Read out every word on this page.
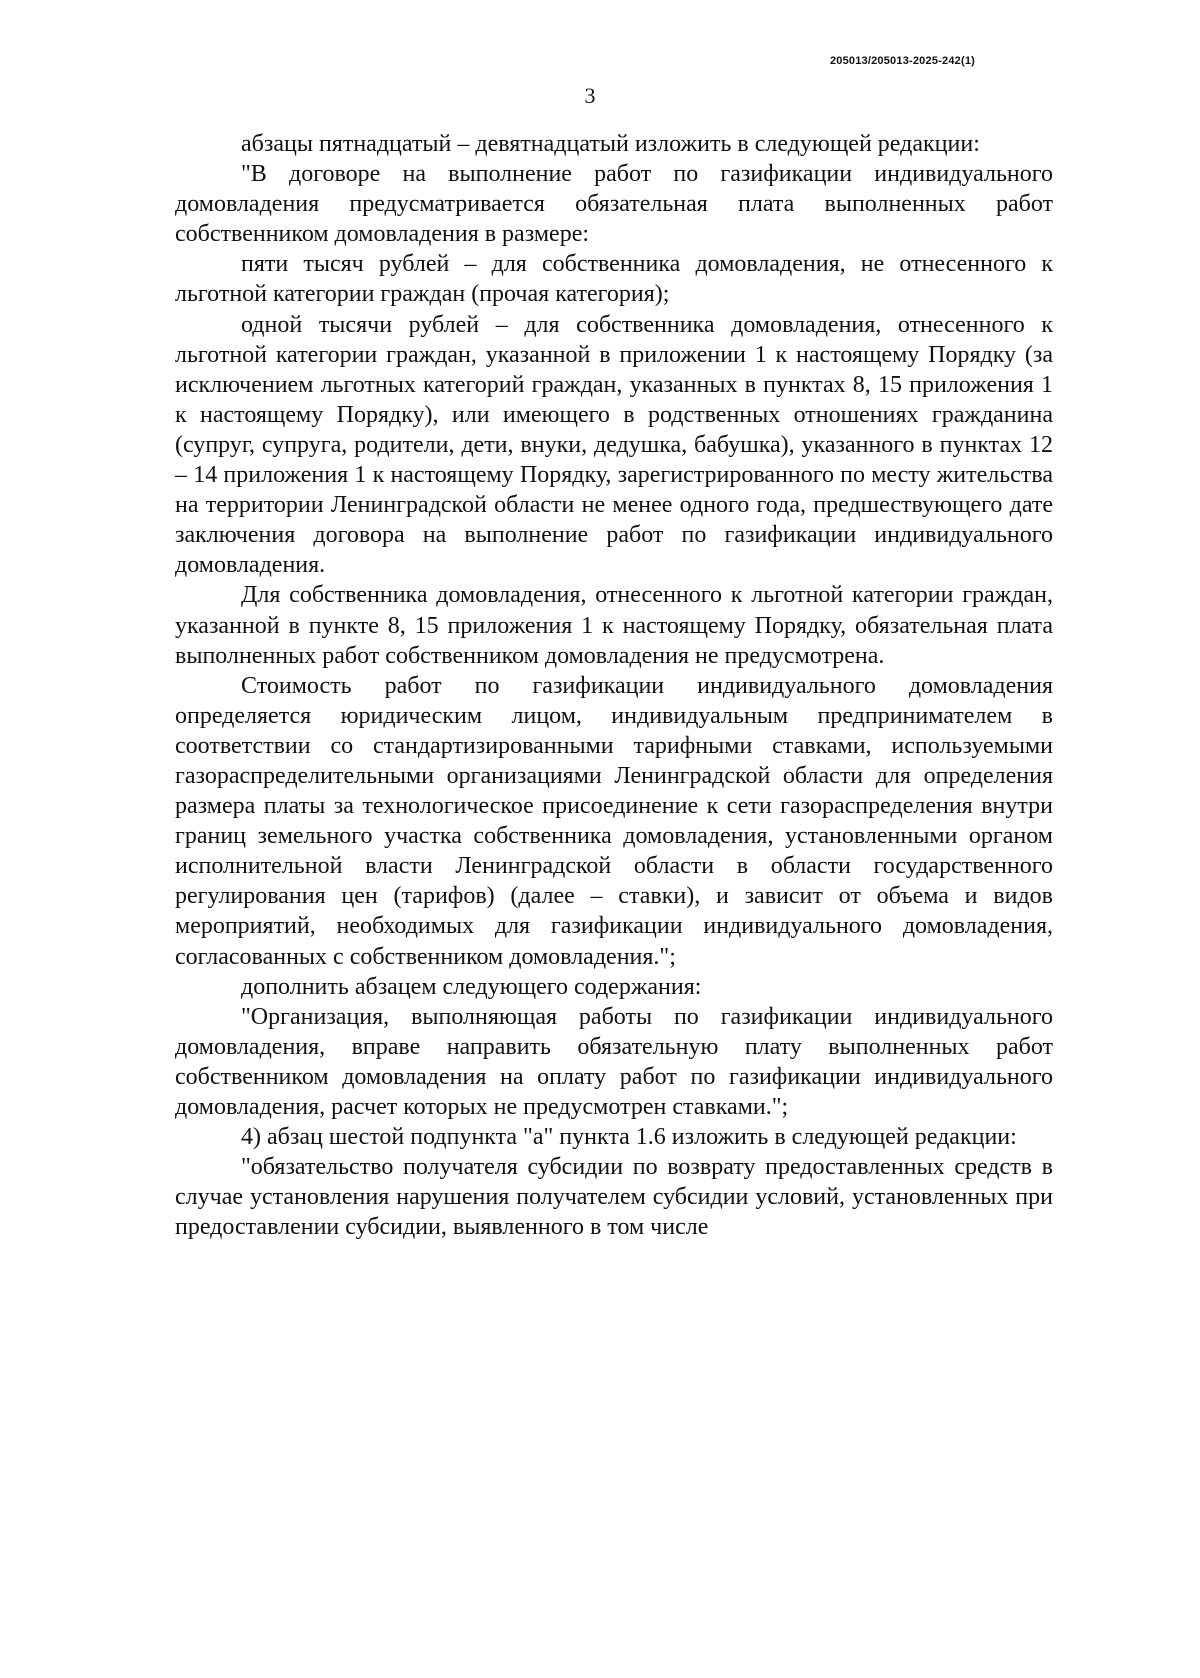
205013/205013-2025-242(1)
3

абзацы пятнадцатый – девятнадцатый изложить в следующей редакции:

"В договоре на выполнение работ по газификации индивидуального домовладения предусматривается обязательная плата выполненных работ собственником домовладения в размере:

пяти тысяч рублей – для собственника домовладения, не отнесенного к льготной категории граждан (прочая категория);

одной тысячи рублей – для собственника домовладения, отнесенного к льготной категории граждан, указанной в приложении 1 к настоящему Порядку (за исключением льготных категорий граждан, указанных в пунктах 8, 15 приложения 1 к настоящему Порядку), или имеющего в родственных отношениях гражданина (супруг, супруга, родители, дети, внуки, дедушка, бабушка), указанного в пунктах 12 – 14 приложения 1 к настоящему Порядку, зарегистрированного по месту жительства на территории Ленинградской области не менее одного года, предшествующего дате заключения договора на выполнение работ по газификации индивидуального домовладения.

Для собственника домовладения, отнесенного к льготной категории граждан, указанной в пункте 8, 15 приложения 1 к настоящему Порядку, обязательная плата выполненных работ собственником домовладения не предусмотрена.

Стоимость работ по газификации индивидуального домовладения определяется юридическим лицом, индивидуальным предпринимателем в соответствии со стандартизированными тарифными ставками, используемыми газораспределительными организациями Ленинградской области для определения размера платы за технологическое присоединение к сети газораспределения внутри границ земельного участка собственника домовладения, установленными органом исполнительной власти Ленинградской области в области государственного регулирования цен (тарифов) (далее – ставки), и зависит от объема и видов мероприятий, необходимых для газификации индивидуального домовладения, согласованных с собственником домовладения.";

дополнить абзацем следующего содержания:

"Организация, выполняющая работы по газификации индивидуального домовладения, вправе направить обязательную плату выполненных работ собственником домовладения на оплату работ по газификации индивидуального домовладения, расчет которых не предусмотрен ставками.";

4) абзац шестой подпункта "а" пункта 1.6 изложить в следующей редакции:

"обязательство получателя субсидии по возврату предоставленных средств в случае установления нарушения получателем субсидии условий, установленных при предоставлении субсидии, выявленного в том числе
